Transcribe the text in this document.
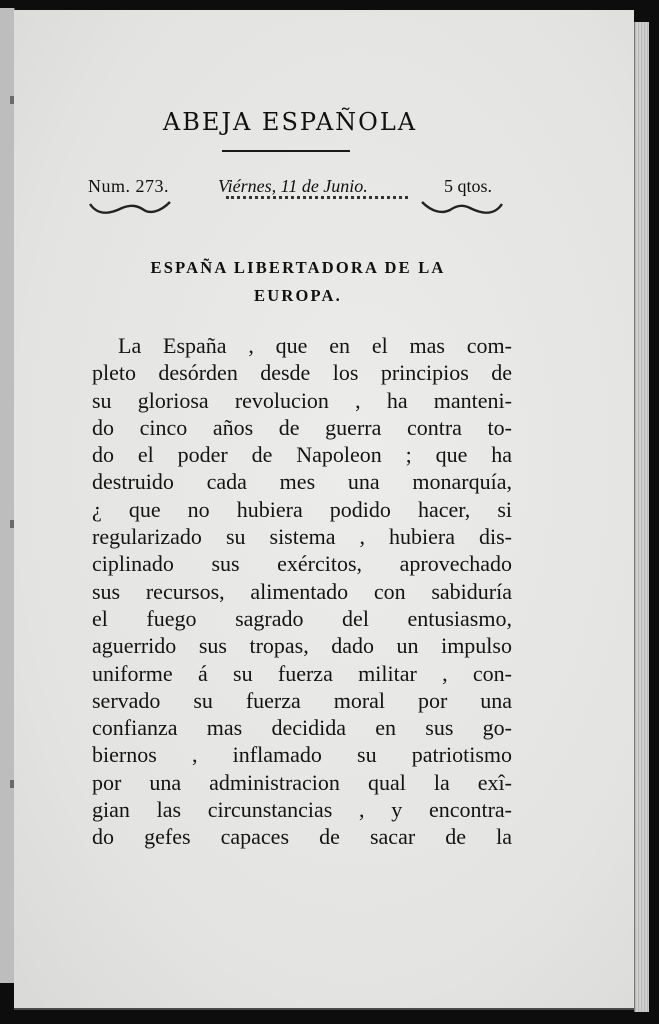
ABEJA ESPAÑOLA
Num. 273.	Viérnes, 11 de Junio.	5 qtos.
ESPAÑA LIBERTADORA DE LA
EUROPA.
La España , que en el mas com-
pleto desórden desde los principios de
su gloriosa revolucion , ha manteni-
do cinco años de guerra contra to-
do el poder de Napoleon ; que ha
destruido cada mes una monarquía,
¿ que no hubiera podido hacer, si
regularizado su sistema , hubiera dis-
ciplinado sus exércitos, aprovechado
sus recursos, alimentado con sabiduría
el fuego sagrado del entusiasmo,
aguerrido sus tropas, dado un impulso
uniforme á su fuerza militar , con-
servado su fuerza moral por una
confianza mas decidida en sus go-
biernos , inflamado su patriotismo
por una administracion qual la exî-
gian las circunstancias , y encontra-
do gefes capaces de sacar de la
